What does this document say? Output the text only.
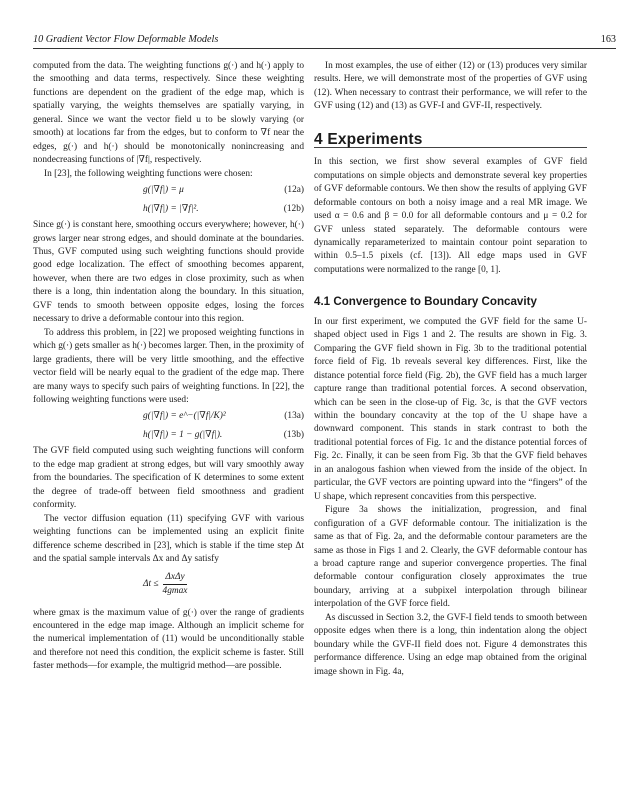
10 Gradient Vector Flow Deformable Models	163

computed from the data. The weighting functions g(·) and h(·) apply to the smoothing and data terms, respectively. Since these weighting functions are dependent on the gradient of the edge map, which is spatially varying, the weights themselves are spatially varying, in general. Since we want the vector field u to be slowly varying (or smooth) at locations far from the edges, but to conform to ∇f near the edges, g(·) and h(·) should be monotonically nonincreasing and nondecreasing functions of |∇f|, respectively.

In [23], the following weighting functions were chosen:

g(|∇f|) = μ	(12a)
h(|∇f|) = |∇f|².	(12b)

Since g(·) is constant here, smoothing occurs everywhere; however, h(·) grows larger near strong edges, and should dominate at the boundaries. Thus, GVF computed using such weighting functions should provide good edge localization. The effect of smoothing becomes apparent, however, when there are two edges in close proximity, such as when there is a long, thin indentation along the boundary. In this situation, GVF tends to smooth between opposite edges, losing the forces necessary to drive a deformable contour into this region.

To address this problem, in [22] we proposed weighting functions in which g(·) gets smaller as h(·) becomes larger. Then, in the proximity of large gradients, there will be very little smoothing, and the effective vector field will be nearly equal to the gradient of the edge map. There are many ways to specify such pairs of weighting functions. In [22], the following weighting functions were used:

g(|∇f|) = e^−(|∇f|/K)²	(13a)
h(|∇f|) = 1 − g(|∇f|).	(13b)

The GVF field computed using such weighting functions will conform to the edge map gradient at strong edges, but will vary smoothly away from the boundaries. The specification of K determines to some extent the degree of trade-off between field smoothness and gradient conformity.

The vector diffusion equation (11) specifying GVF with various weighting functions can be implemented using an explicit finite difference scheme described in [23], which is stable if the time step Δt and the spatial sample intervals Δx and Δy satisfy

$\Delta t \le \frac{\text{ΔxΔy}}{4gmax}$

where gmax is the maximum value of g(·) over the range of gradients encountered in the edge map image. Although an implicit scheme for the numerical implementation of (11) would be unconditionally stable and therefore not need this condition, the explicit scheme is faster. Still faster methods—for example, the multigrid method—are possible.

In most examples, the use of either (12) or (13) produces very similar results. Here, we will demonstrate most of the properties of GVF using (12). When necessary to contrast their performance, we will refer to the GVF using (12) and (13) as GVF-I and GVF-II, respectively.

4 Experiments

In this section, we first show several examples of GVF field computations on simple objects and demonstrate several key properties of GVF deformable contours. We then show the results of applying GVF deformable contours on both a noisy image and a real MR image. We used α = 0.6 and β = 0.0 for all deformable contours and μ = 0.2 for GVF unless stated separately. The deformable contours were dynamically reparameterized to maintain contour point separation to within 0.5–1.5 pixels (cf. [13]). All edge maps used in GVF computations were normalized to the range [0, 1].

4.1 Convergence to Boundary Concavity

In our first experiment, we computed the GVF field for the same U-shaped object used in Figs 1 and 2. The results are shown in Fig. 3. Comparing the GVF field shown in Fig. 3b to the traditional potential force field of Fig. 1b reveals several key differences. First, like the distance potential force field (Fig. 2b), the GVF field has a much larger capture range than traditional potential forces. A second observation, which can be seen in the close-up of Fig. 3c, is that the GVF vectors within the boundary concavity at the top of the U shape have a downward component. This stands in stark contrast to both the traditional potential forces of Fig. 1c and the distance potential forces of Fig. 2c. Finally, it can be seen from Fig. 3b that the GVF field behaves in an analogous fashion when viewed from the inside of the object. In particular, the GVF vectors are pointing upward into the “fingers” of the U shape, which represent concavities from this perspective.

Figure 3a shows the initialization, progression, and final configuration of a GVF deformable contour. The initialization is the same as that of Fig. 2a, and the deformable contour parameters are the same as those in Figs 1 and 2. Clearly, the GVF deformable contour has a broad capture range and superior convergence properties. The final deformable contour configuration closely approximates the true boundary, arriving at a subpixel interpolation through bilinear interpolation of the GVF force field.

As discussed in Section 3.2, the GVF-I field tends to smooth between opposite edges when there is a long, thin indentation along the object boundary while the GVF-II field does not. Figure 4 demonstrates this performance difference. Using an edge map obtained from the original image shown in Fig. 4a,
